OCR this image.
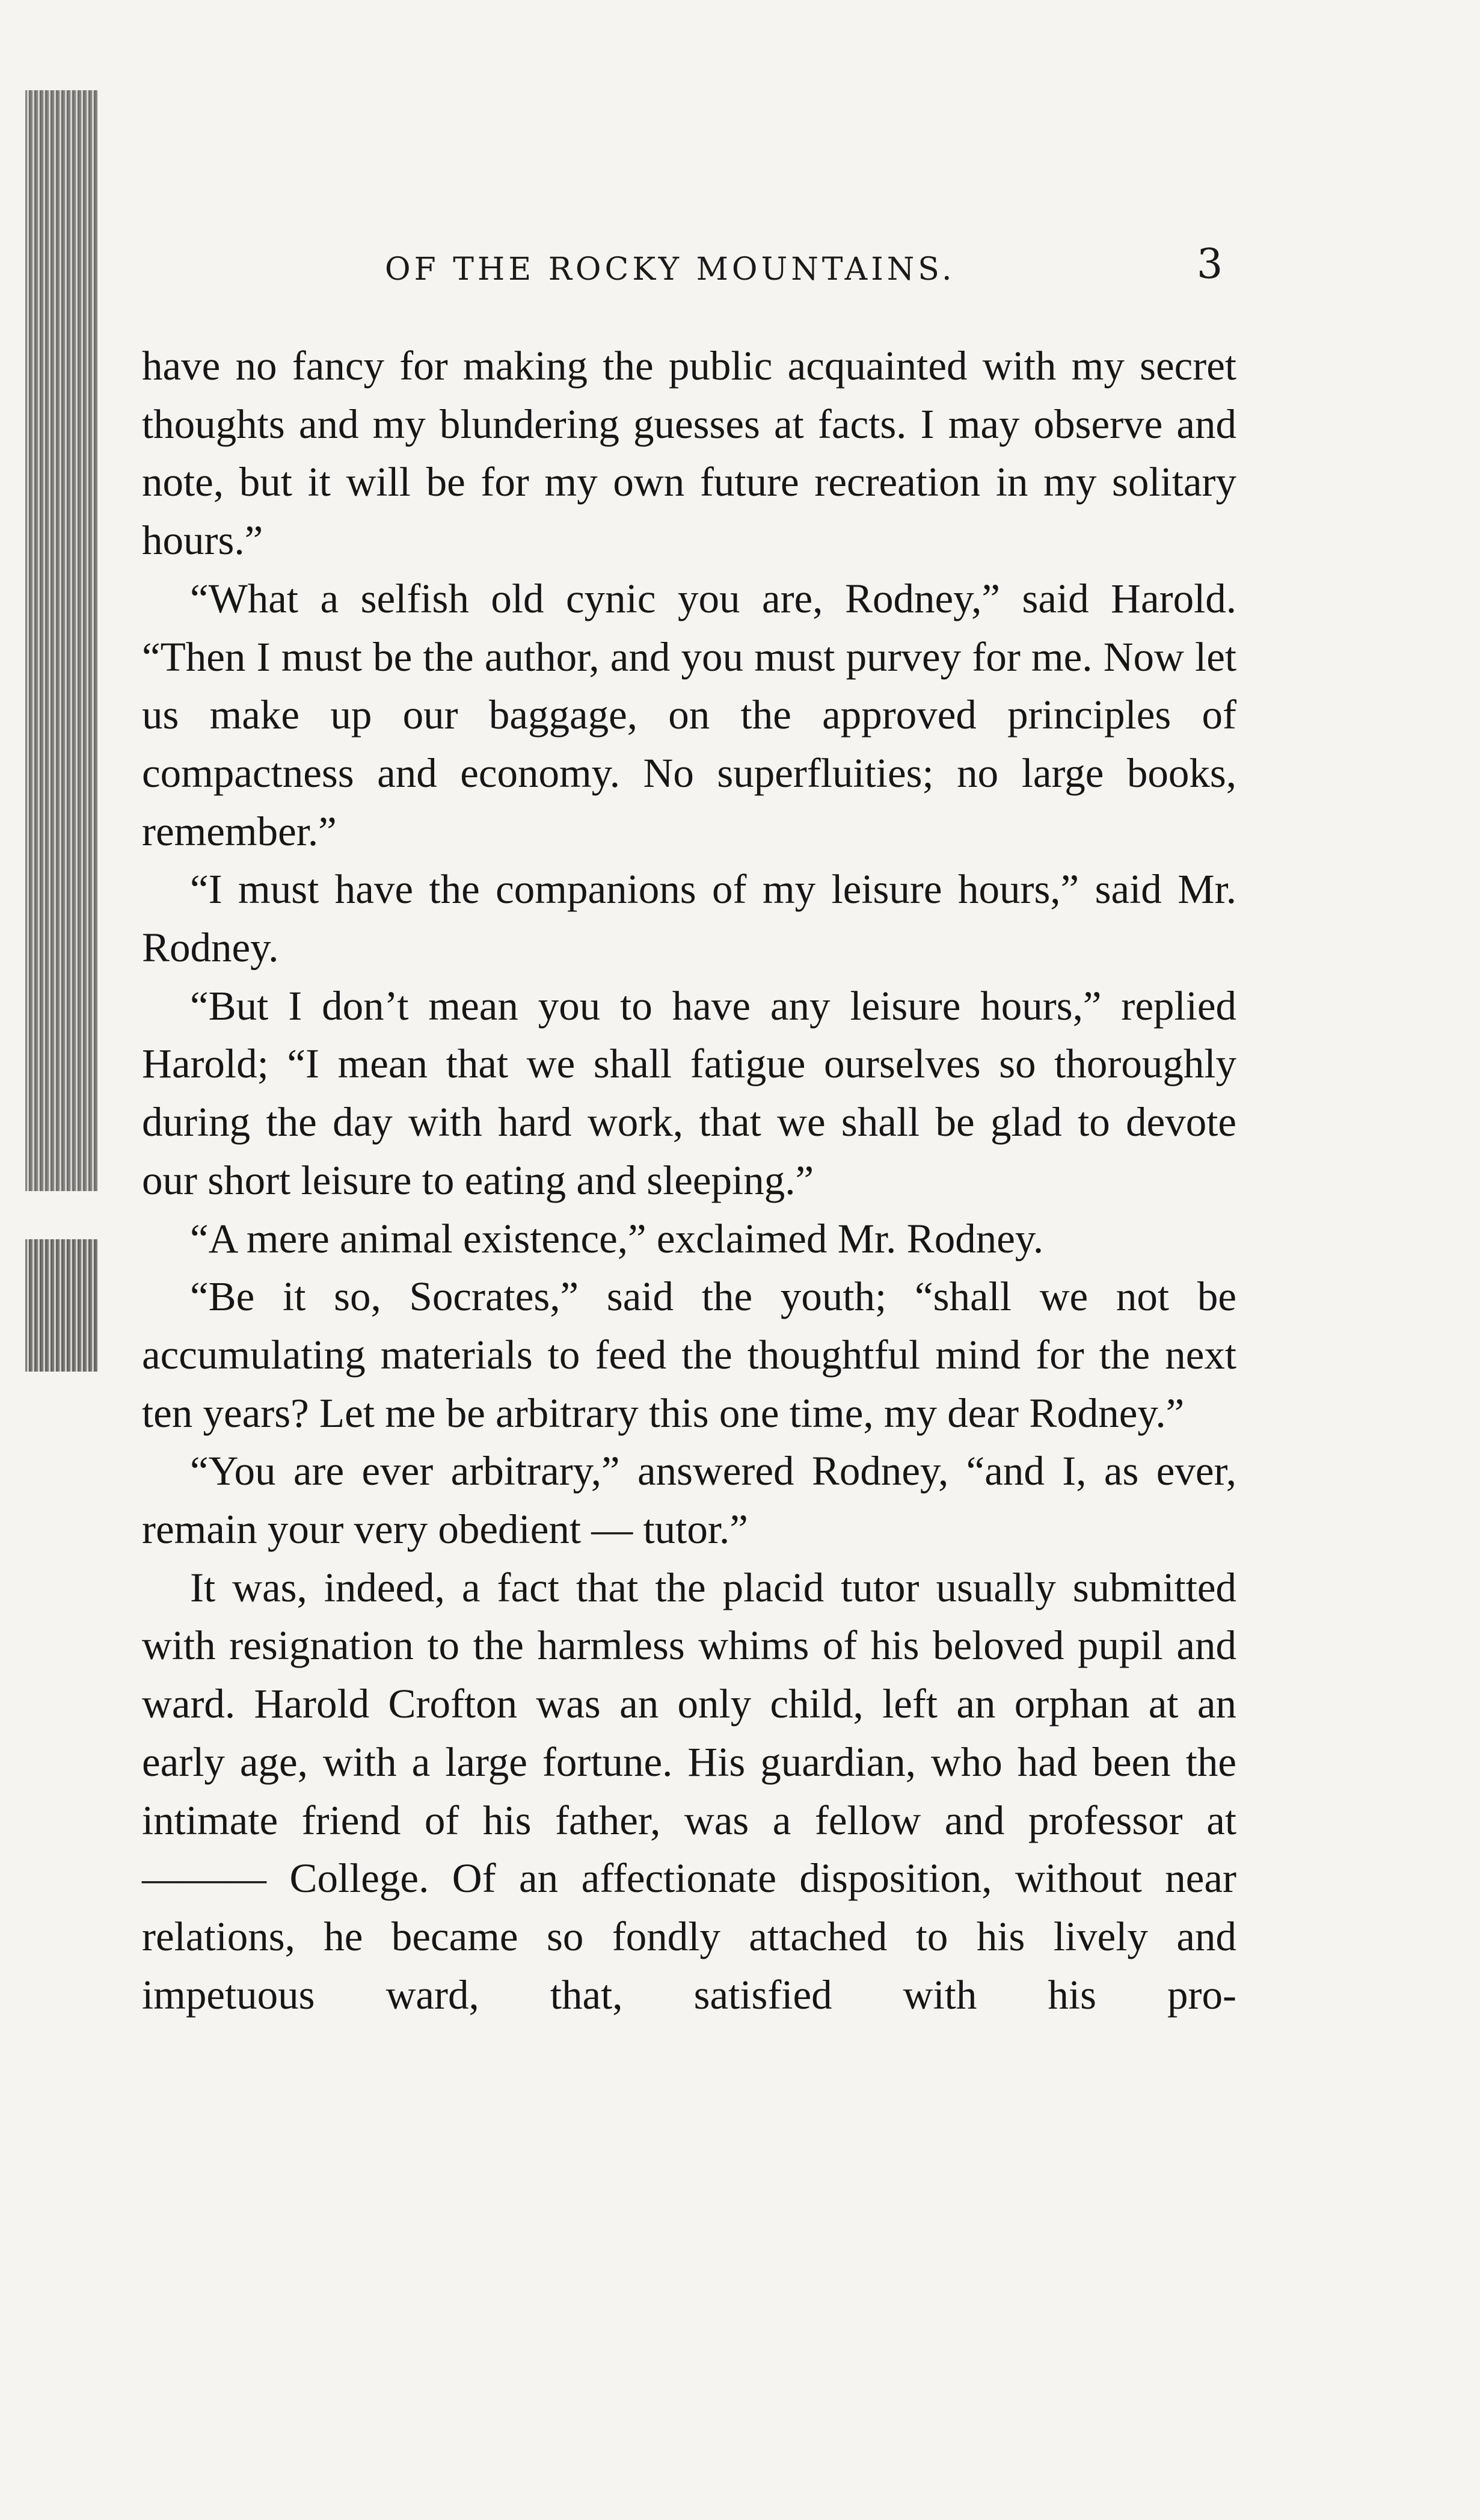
OF THE ROCKY MOUNTAINS.	3

have no fancy for making the public acquainted with my secret thoughts and my blundering guesses at facts. I may observe and note, but it will be for my own future recreation in my solitary hours.”

“What a selfish old cynic you are, Rodney,” said Harold. “Then I must be the author, and you must purvey for me. Now let us make up our baggage, on the approved principles of compactness and economy. No superfluities; no large books, remember.”

“I must have the companions of my leisure hours,” said Mr. Rodney.

“But I don’t mean you to have any leisure hours,” replied Harold; “I mean that we shall fatigue ourselves so thoroughly during the day with hard work, that we shall be glad to devote our short leisure to eating and sleeping.”

“A mere animal existence,” exclaimed Mr. Rodney.

“Be it so, Socrates,” said the youth; “shall we not be accumulating materials to feed the thoughtful mind for the next ten years? Let me be arbitrary this one time, my dear Rodney.”

“You are ever arbitrary,” answered Rodney, “and I, as ever, remain your very obedient — tutor.”

It was, indeed, a fact that the placid tutor usually submitted with resignation to the harmless whims of his beloved pupil and ward. Harold Crofton was an only child, left an orphan at an early age, with a large fortune. His guardian, who had been the intimate friend of his father, was a fellow and professor at ——— College. Of an affectionate disposition, without near relations, he became so fondly attached to his lively and impetuous ward, that, satisfied with his pro-
